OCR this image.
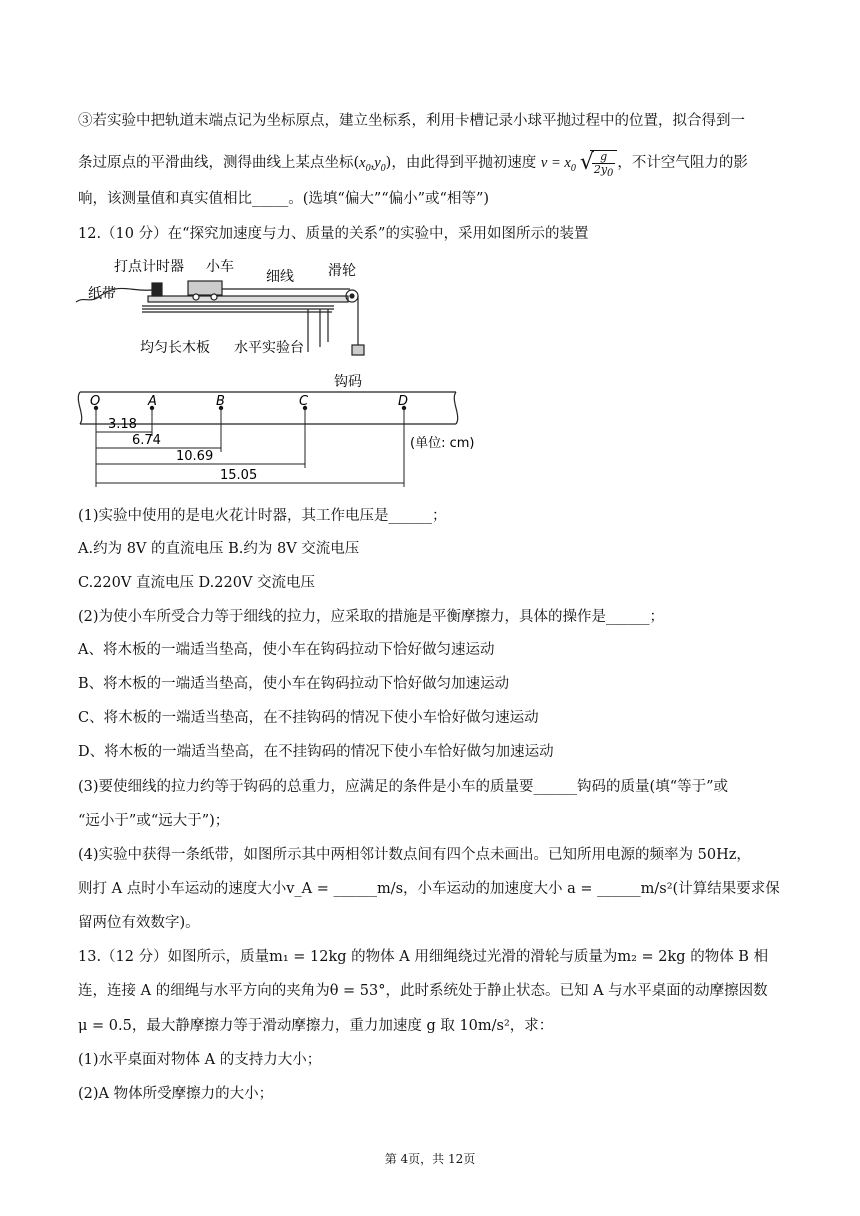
③若实验中把轨道末端点记为坐标原点，建立坐标系，利用卡槽记录小球平抛过程中的位置，拟合得到一
条过原点的平滑曲线，测得曲线上某点坐标$(x_0,y_0)$，由此得到平抛初速度 $v = x_0$
√ $\frac{g}{2y_0}$ ，不计空气阻力的影
响，该测量值和真实值相比_____。(选填“偏大”“偏小”或“相等”)
12.（10 分）在“探究加速度与力、质量的关系”的实验中，采用如图所示的装置
打点计时器 小车
细线 滑轮
纸带
均匀长木板 水平实验台
钩码
O	A	B	C	D
3.18
6.74
10.69
15.05
(单位: cm)
(1)实验中使用的是电火花计时器，其工作电压是______；
A.约为 8V 的直流电压 B.约为 8V 交流电压
C.220V 直流电压 D.220V 交流电压
(2)为使小车所受合力等于细线的拉力，应采取的措施是平衡摩擦力，具体的操作是______；
A、将木板的一端适当垫高，使小车在钩码拉动下恰好做匀速运动
B、将木板的一端适当垫高，使小车在钩码拉动下恰好做匀加速运动
C、将木板的一端适当垫高，在不挂钩码的情况下使小车恰好做匀速运动
D、将木板的一端适当垫高，在不挂钩码的情况下使小车恰好做匀加速运动
(3)要使细线的拉力约等于钩码的总重力，应满足的条件是小车的质量要______钩码的质量(填“等于”或
“远小于”或“远大于”)；
(4)实验中获得一条纸带，如图所示其中两相邻计数点间有四个点未画出。已知所用电源的频率为 50Hz，
则打 A 点时小车运动的速度大小v_A = ______m/s，小车运动的加速度大小 a = ______m/s²(计算结果要求保
留两位有效数字)。
13.（12 分）如图所示，质量m₁ = 12kg 的物体 A 用细绳绕过光滑的滑轮与质量为m₂ = 2kg 的物体 B 相
连，连接 A 的细绳与水平方向的夹角为θ = 53°，此时系统处于静止状态。已知 A 与水平桌面的动摩擦因数
μ = 0.5，最大静摩擦力等于滑动摩擦力，重力加速度 g 取 10m/s²，求：
(1)水平桌面对物体 A 的支持力大小；
(2)A 物体所受摩擦力的大小；
第 4页，共 12页
